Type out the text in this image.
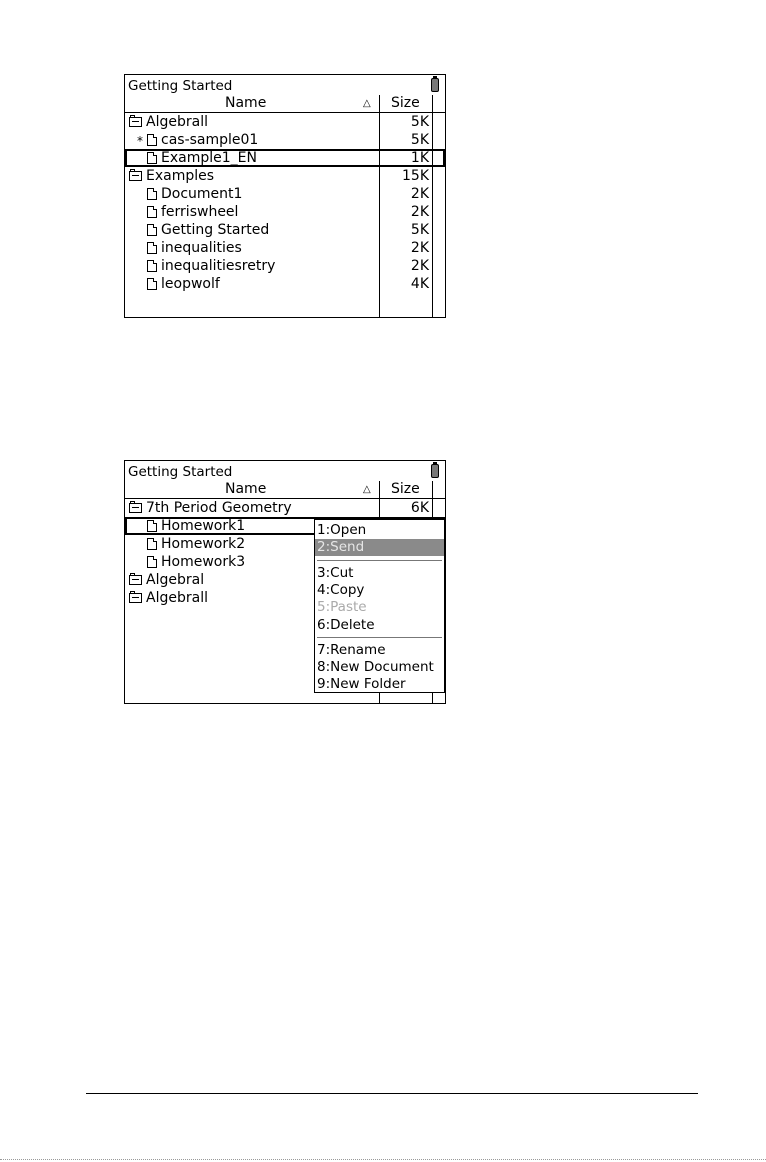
Getting Started
Name	△ Size
Algebrall	5K
* cas-sample01	5K
Example1_EN	1K
Examples	15K
Document1	2K
ferriswheel	2K
Getting Started	5K
inequalities	2K
inequalitiesretry	2K
leopwolf	4K
Getting Started
Name	△ Size
7th Period Geometry	6K
Homework1
Homework2
Homework3
Algebral
Algebrall
1:Open
2:Send
3:Cut
4:Copy
5:Paste
6:Delete
7:Rename
8:New Document
9:New Folder
